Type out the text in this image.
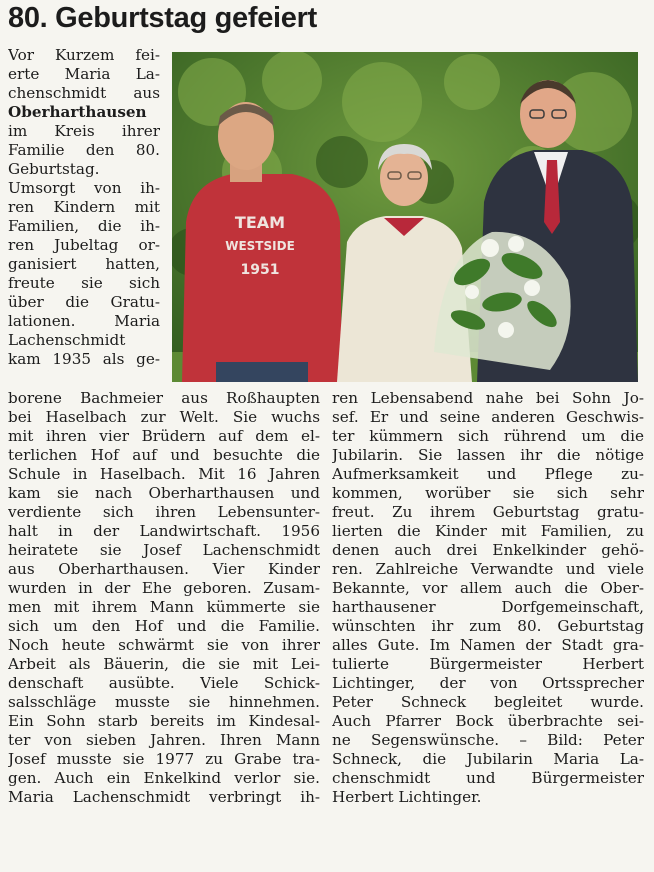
80. Geburtstag gefeiert
Vor Kurzem fei-
erte Maria La-
chenschmidt aus
Oberharthausen
im Kreis ihrer
Familie den 80.
Geburtstag.
Umsorgt von ih-
ren Kindern mit
Familien, die ih-
ren Jubeltag or-
ganisiert hatten,
freute sie sich
über die Gratu-
lationen. Maria
Lachenschmidt
kam 1935 als ge-
TEAM
WESTSIDE
1951
borene Bachmeier aus Roßhaupten
bei Haselbach zur Welt. Sie wuchs
mit ihren vier Brüdern auf dem el-
terlichen Hof auf und besuchte die
Schule in Haselbach. Mit 16 Jahren
kam sie nach Oberharthausen und
verdiente sich ihren Lebensunter-
halt in der Landwirtschaft. 1956
heiratete sie Josef Lachenschmidt
aus Oberharthausen. Vier Kinder
wurden in der Ehe geboren. Zusam-
men mit ihrem Mann kümmerte sie
sich um den Hof und die Familie.
Noch heute schwärmt sie von ihrer
Arbeit als Bäuerin, die sie mit Lei-
denschaft ausübte. Viele Schick-
salsschläge musste sie hinnehmen.
Ein Sohn starb bereits im Kindesal-
ter von sieben Jahren. Ihren Mann
Josef musste sie 1977 zu Grabe tra-
gen. Auch ein Enkelkind verlor sie.
Maria Lachenschmidt verbringt ih-
ren Lebensabend nahe bei Sohn Jo-
sef. Er und seine anderen Geschwis-
ter kümmern sich rührend um die
Jubilarin. Sie lassen ihr die nötige
Aufmerksamkeit und Pflege zu-
kommen, worüber sie sich sehr
freut. Zu ihrem Geburtstag gratu-
lierten die Kinder mit Familien, zu
denen auch drei Enkelkinder gehö-
ren. Zahlreiche Verwandte und viele
Bekannte, vor allem auch die Ober-
harthausener Dorfgemeinschaft,
wünschten ihr zum 80. Geburtstag
alles Gute. Im Namen der Stadt gra-
tulierte Bürgermeister Herbert
Lichtinger, der von Ortssprecher
Peter Schneck begleitet wurde.
Auch Pfarrer Bock überbrachte sei-
ne Segenswünsche. – Bild: Peter
Schneck, die Jubilarin Maria La-
chenschmidt und Bürgermeister
Herbert Lichtinger.
